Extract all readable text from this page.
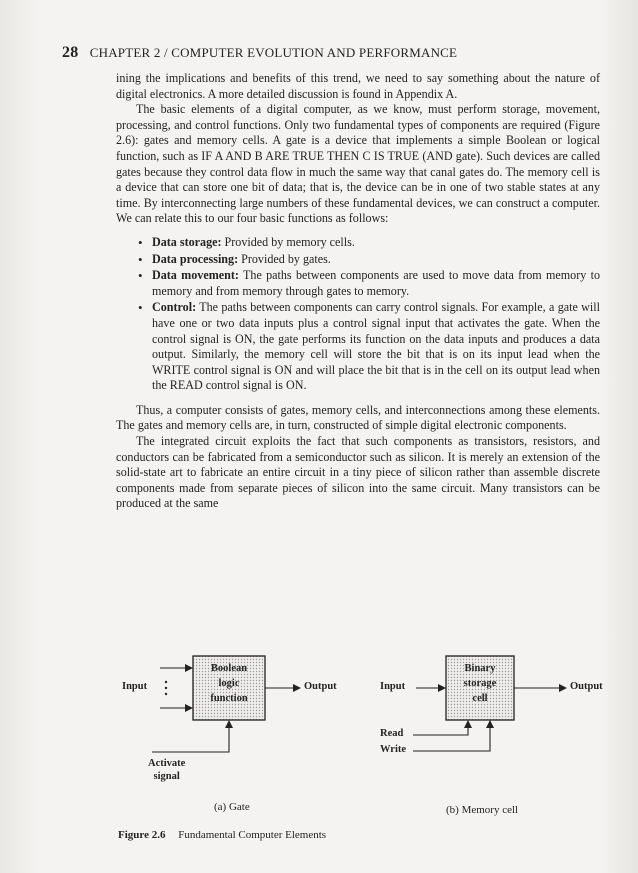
28 CHAPTER 2 / COMPUTER EVOLUTION AND PERFORMANCE

ining the implications and benefits of this trend, we need to say something about the nature of digital electronics. A more detailed discussion is found in Appendix A.

The basic elements of a digital computer, as we know, must perform storage, movement, processing, and control functions. Only two fundamental types of components are required (Figure 2.6): gates and memory cells. A gate is a device that implements a simple Boolean or logical function, such as IF A AND B ARE TRUE THEN C IS TRUE (AND gate). Such devices are called gates because they control data flow in much the same way that canal gates do. The memory cell is a device that can store one bit of data; that is, the device can be in one of two stable states at any time. By interconnecting large numbers of these fundamental devices, we can construct a computer. We can relate this to our four basic functions as follows:

• Data storage: Provided by memory cells.
• Data processing: Provided by gates.
• Data movement: The paths between components are used to move data from memory to memory and from memory through gates to memory.
• Control: The paths between components can carry control signals. For example, a gate will have one or two data inputs plus a control signal input that activates the gate. When the control signal is ON, the gate performs its function on the data inputs and produces a data output. Similarly, the memory cell will store the bit that is on its input lead when the WRITE control signal is ON and will place the bit that is in the cell on its output lead when the READ control signal is ON.

Thus, a computer consists of gates, memory cells, and interconnections among these elements. The gates and memory cells are, in turn, constructed of simple digital electronic components.

The integrated circuit exploits the fact that such components as transistors, resistors, and conductors can be fabricated from a semiconductor such as silicon. It is merely an extension of the solid-state art to fabricate an entire circuit in a tiny piece of silicon rather than assemble discrete components made from separate pieces of silicon into the same circuit. Many transistors can be produced at the same

Boolean
logic
function
Input	Output
Activate
signal
(a) Gate
Binary
storage
cell
Input	Output
Read
Write
(b) Memory cell
Figure 2.6 Fundamental Computer Elements
